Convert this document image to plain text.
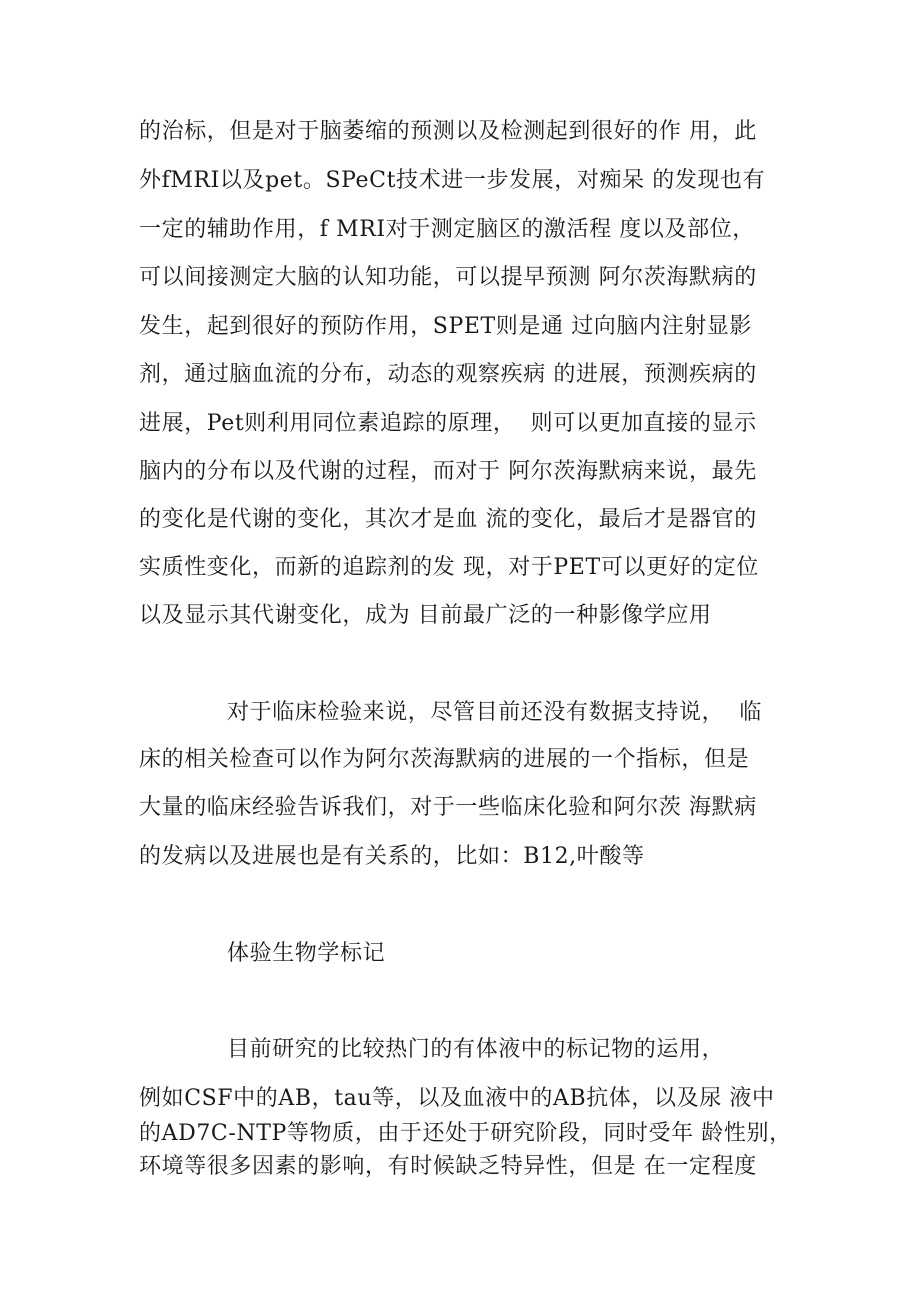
的治标，但是对于脑萎缩的预测以及检测起到很好的作 用，此
外fMRI以及pet。SPeCt技术进一步发展，对痴呆 的发现也有
一定的辅助作用，f MRI对于测定脑区的激活程 度以及部位，
可以间接测定大脑的认知功能，可以提早预测 阿尔茨海默病的
发生，起到很好的预防作用，SPET则是通 过向脑内注射显影
剂，通过脑血流的分布，动态的观察疾病 的进展，预测疾病的
进展，Pet则利用同位素追踪的原理，  则可以更加直接的显示
脑内的分布以及代谢的过程，而对于 阿尔茨海默病来说，最先
的变化是代谢的变化，其次才是血 流的变化，最后才是器官的
实质性变化，而新的追踪剂的发 现，对于PET可以更好的定位
以及显示其代谢变化，成为 目前最广泛的一种影像学应用
对于临床检验来说，尽管目前还没有数据支持说，  临
床的相关检查可以作为阿尔茨海默病的进展的一个指标，但是
大量的临床经验告诉我们，对于一些临床化验和阿尔茨 海默病
的发病以及进展也是有关系的，比如：B12,叶酸等
体验生物学标记
目前研究的比较热门的有体液中的标记物的运用，
例如CSF中的AB，tau等，以及血液中的AB抗体，以及尿 液中
的AD7C-NTP等物质，由于还处于研究阶段，同时受年 龄性别，
环境等很多因素的影响，有时候缺乏特异性，但是 在一定程度
